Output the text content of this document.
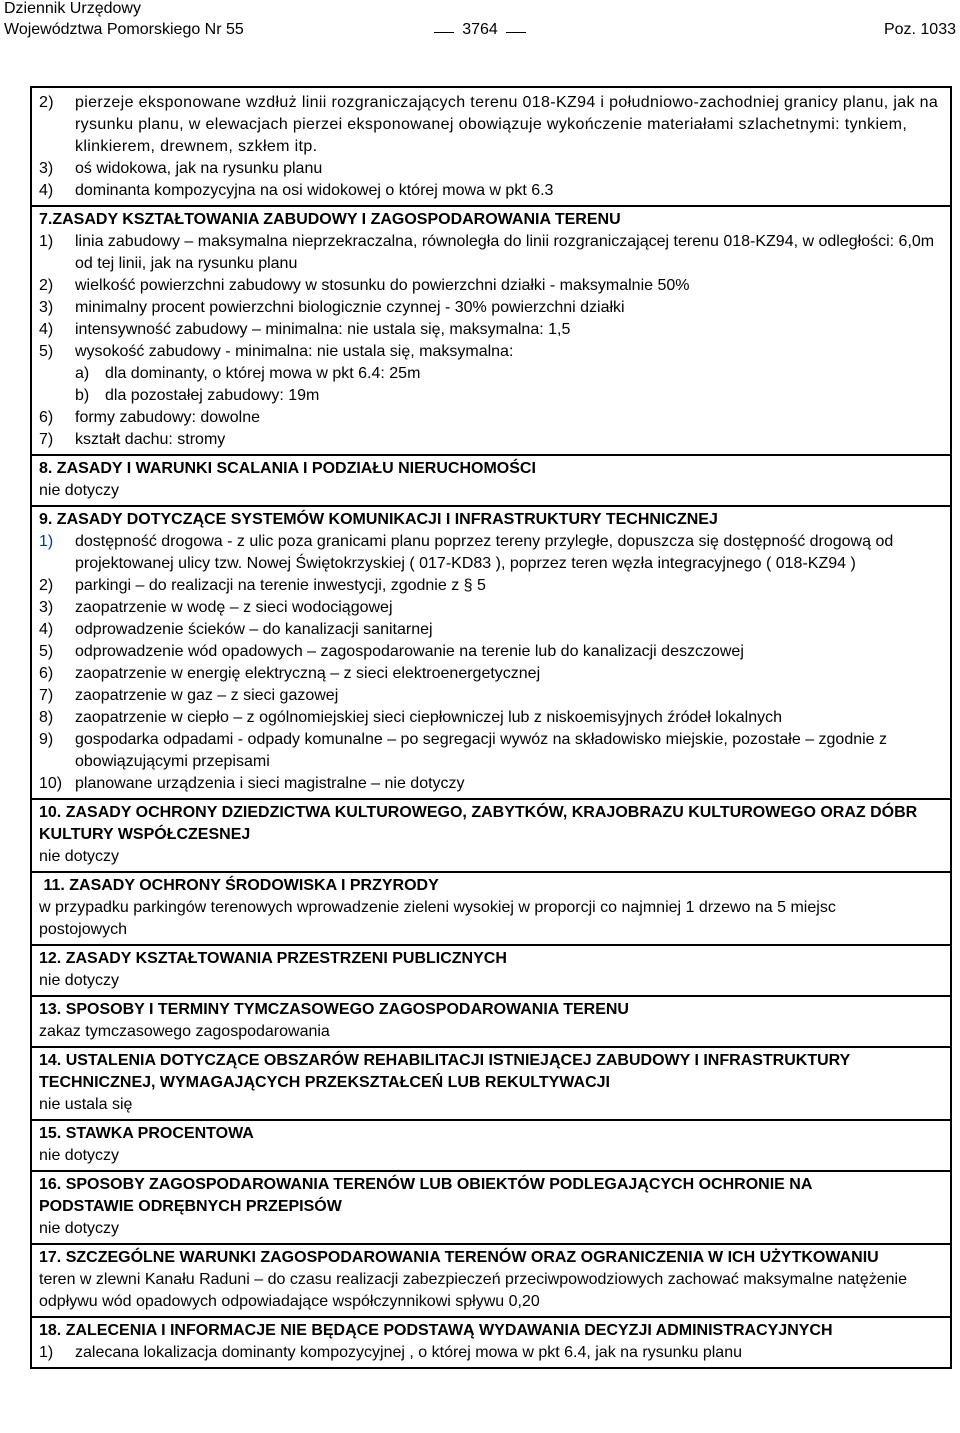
Dziennik Urzędowy
Województwa Pomorskiego Nr 55	3764	Poz. 1033
2)	pierzeje eksponowane wzdłuż linii rozgraniczających terenu 018-KZ94 i południowo-zachodniej granicy planu, jak na rysunku planu, w elewacjach pierzei eksponowanej obowiązuje wykończenie materiałami szlachetnymi: tynkiem, klinkierem, drewnem, szkłem itp.
3)	oś widokowa, jak na rysunku planu
4)	dominanta kompozycyjna na osi widokowej o której mowa w pkt 6.3
7.ZASADY KSZTAŁTOWANIA ZABUDOWY I ZAGOSPODAROWANIA TERENU
1)	linia zabudowy – maksymalna nieprzekraczalna, równoległa do linii rozgraniczającej terenu 018-KZ94, w odległości: 6,0m od tej linii, jak na rysunku planu
2)	wielkość powierzchni zabudowy w stosunku do powierzchni działki - maksymalnie 50%
3)	minimalny procent powierzchni biologicznie czynnej - 30% powierzchni działki
4)	intensywność zabudowy – minimalna: nie ustala się, maksymalna: 1,5
5)	wysokość zabudowy - minimalna: nie ustala się, maksymalna:
a) dla dominanty, o której mowa w pkt 6.4: 25m
b) dla pozostałej zabudowy: 19m
6)	formy zabudowy: dowolne
7)	kształt dachu: stromy
8. ZASADY I WARUNKI SCALANIA I PODZIAŁU NIERUCHOMOŚCI
nie dotyczy
9. ZASADY DOTYCZĄCE SYSTEMÓW KOMUNIKACJI I INFRASTRUKTURY TECHNICZNEJ
1)	dostępność drogowa - z ulic poza granicami planu poprzez tereny przyległe, dopuszcza się dostępność drogową od projektowanej ulicy tzw. Nowej Świętokrzyskiej ( 017-KD83 ), poprzez teren węzła integracyjnego ( 018-KZ94 )
2)	parkingi – do realizacji na terenie inwestycji, zgodnie z § 5
3)	zaopatrzenie w wodę – z sieci wodociągowej
4)	odprowadzenie ścieków – do kanalizacji sanitarnej
5)	odprowadzenie wód opadowych – zagospodarowanie na terenie lub do kanalizacji deszczowej
6)	zaopatrzenie w energię elektryczną – z sieci elektroenergetycznej
7)	zaopatrzenie w gaz – z sieci gazowej
8)	zaopatrzenie w ciepło – z ogólnomiejskiej sieci ciepłowniczej lub z niskoemisyjnych źródeł lokalnych
9)	gospodarka odpadami - odpady komunalne – po segregacji wywóz na składowisko miejskie, pozostałe – zgodnie z obowiązującymi przepisami
10) planowane urządzenia i sieci magistralne – nie dotyczy
10. ZASADY OCHRONY DZIEDZICTWA KULTUROWEGO, ZABYTKÓW, KRAJOBRAZU KULTUROWEGO ORAZ DÓBR KULTURY WSPÓŁCZESNEJ
nie dotyczy
11. ZASADY OCHRONY ŚRODOWISKA I PRZYRODY
w przypadku parkingów terenowych wprowadzenie zieleni wysokiej w proporcji co najmniej 1 drzewo na 5 miejsc postojowych
12. ZASADY KSZTAŁTOWANIA PRZESTRZENI PUBLICZNYCH
nie dotyczy
13. SPOSOBY I TERMINY TYMCZASOWEGO ZAGOSPODAROWANIA TERENU
zakaz tymczasowego zagospodarowania
14. USTALENIA DOTYCZĄCE OBSZARÓW REHABILITACJI ISTNIEJĄCEJ ZABUDOWY I INFRASTRUKTURY TECHNICZNEJ, WYMAGAJĄCYCH PRZEKSZTAŁCEŃ LUB REKULTYWACJI
nie ustala się
15. STAWKA PROCENTOWA
nie dotyczy
16. SPOSOBY ZAGOSPODAROWANIA TERENÓW LUB OBIEKTÓW PODLEGAJĄCYCH OCHRONIE NA PODSTAWIE ODRĘBNYCH PRZEPISÓW
nie dotyczy
17. SZCZEGÓLNE WARUNKI ZAGOSPODAROWANIA TERENÓW ORAZ OGRANICZENIA W ICH UŻYTKOWANIU
teren w zlewni Kanału Raduni – do czasu realizacji zabezpieczeń przeciwpowodziowych zachować maksymalne natężenie odpływu wód opadowych odpowiadające współczynnikowi spływu 0,20
18. ZALECENIA I INFORMACJE NIE BĘDĄCE PODSTAWĄ WYDAWANIA DECYZJI ADMINISTRACYJNYCH
1)	zalecana lokalizacja dominanty kompozycyjnej , o której mowa w pkt 6.4, jak na rysunku planu
